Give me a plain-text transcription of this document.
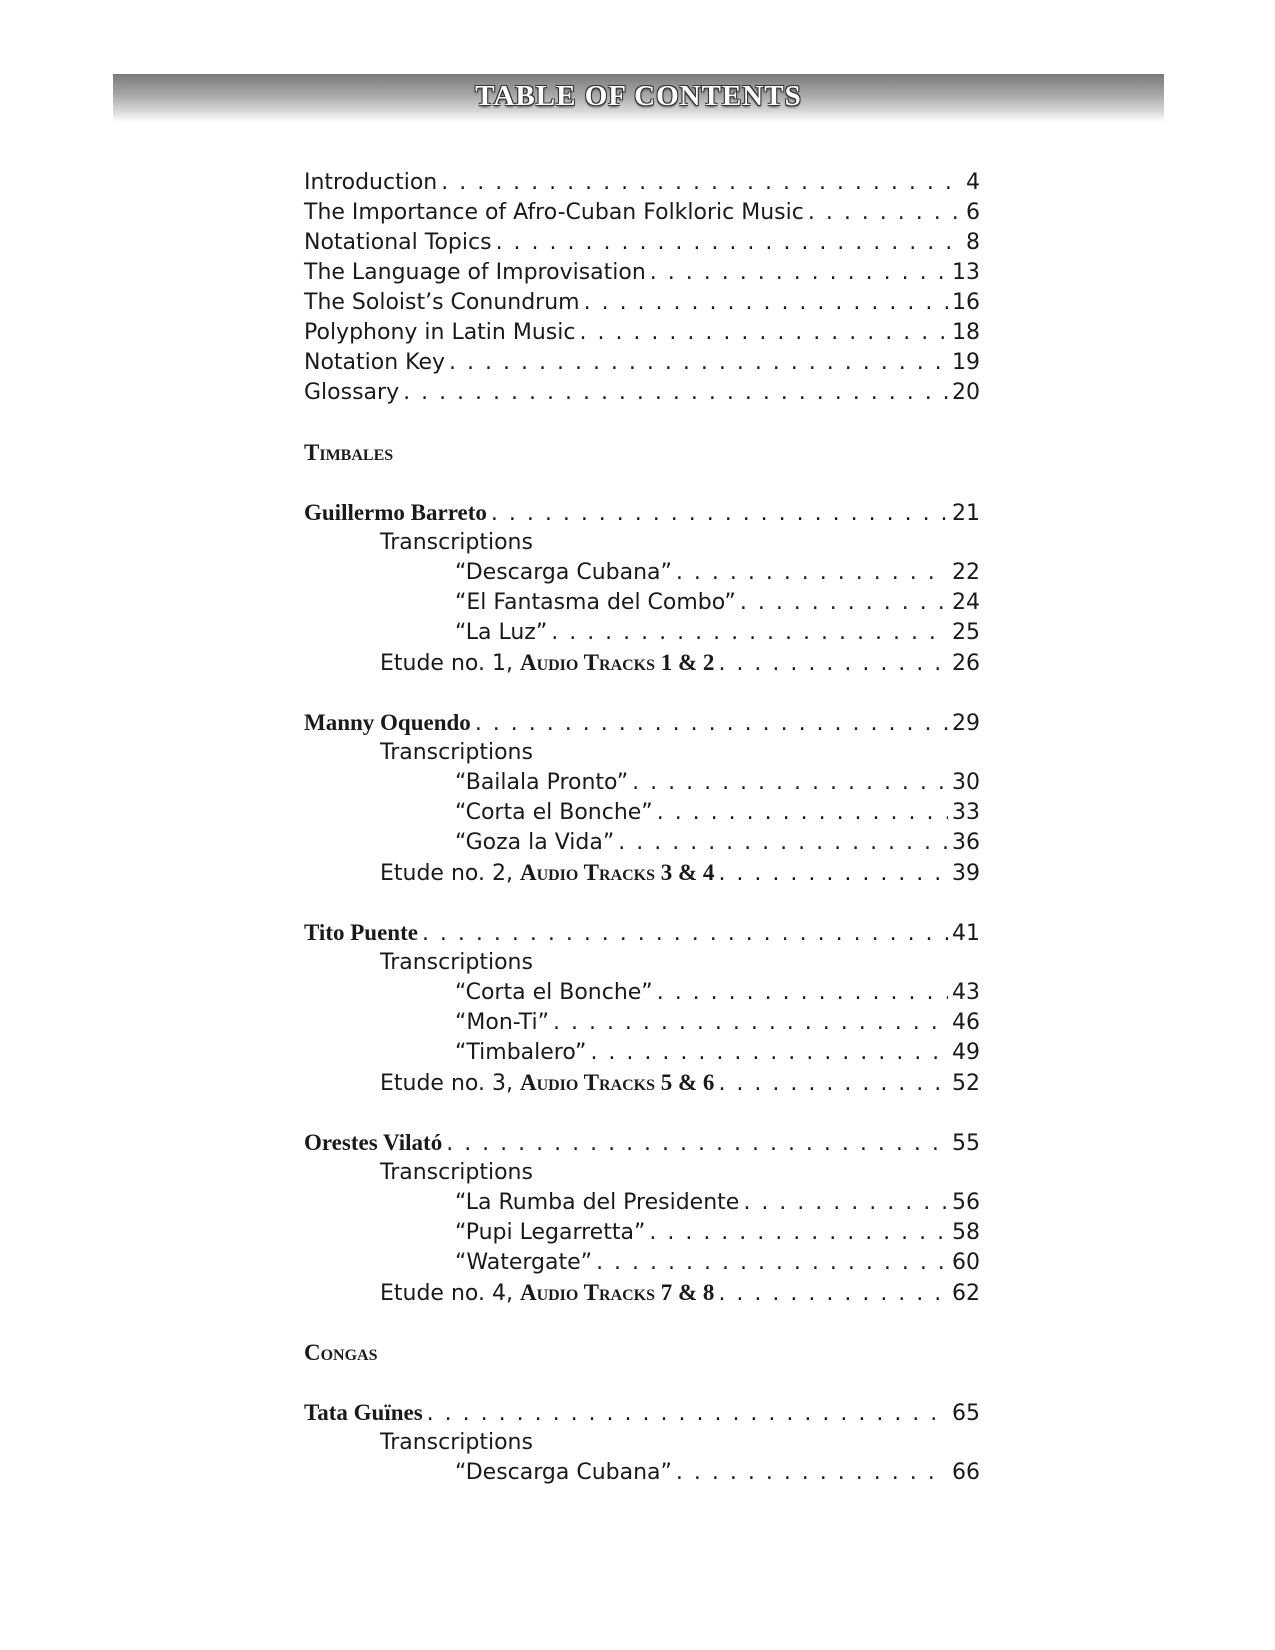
TABLE OF CONTENTS
Introduction . . .	4
The Importance of Afro-Cuban Folkloric Music . . .	6
Notational Topics . . .	8
The Language of Improvisation . . .	13
The Soloist’s Conundrum . . .	16
Polyphony in Latin Music . . .	18
Notation Key . . .	19
Glossary . . .	20
Timbales
Guillermo Barreto . . .	21
Transcriptions
“Descarga Cubana” . . .	22
“El Fantasma del Combo” . . .	24
“La Luz” . . .	25
Etude no. 1, Audio Tracks 1 & 2 . . .	26
Manny Oquendo . . .	29
Transcriptions
“Bailala Pronto” . . .	30
“Corta el Bonche” . . .	33
“Goza la Vida” . . .	36
Etude no. 2, Audio Tracks 3 & 4 . . .	39
Tito Puente . . .	41
Transcriptions
“Corta el Bonche” . . .	43
“Mon-Ti” . . .	46
“Timbalero” . . .	49
Etude no. 3, Audio Tracks 5 & 6 . . .	52
Orestes Vilató . . .	55
Transcriptions
“La Rumba del Presidente . . .	56
“Pupi Legarretta” . . .	58
“Watergate” . . .	60
Etude no. 4, Audio Tracks 7 & 8 . . .	62
Congas
Tata Guïnes . . .	65
Transcriptions
“Descarga Cubana” . . .	66
